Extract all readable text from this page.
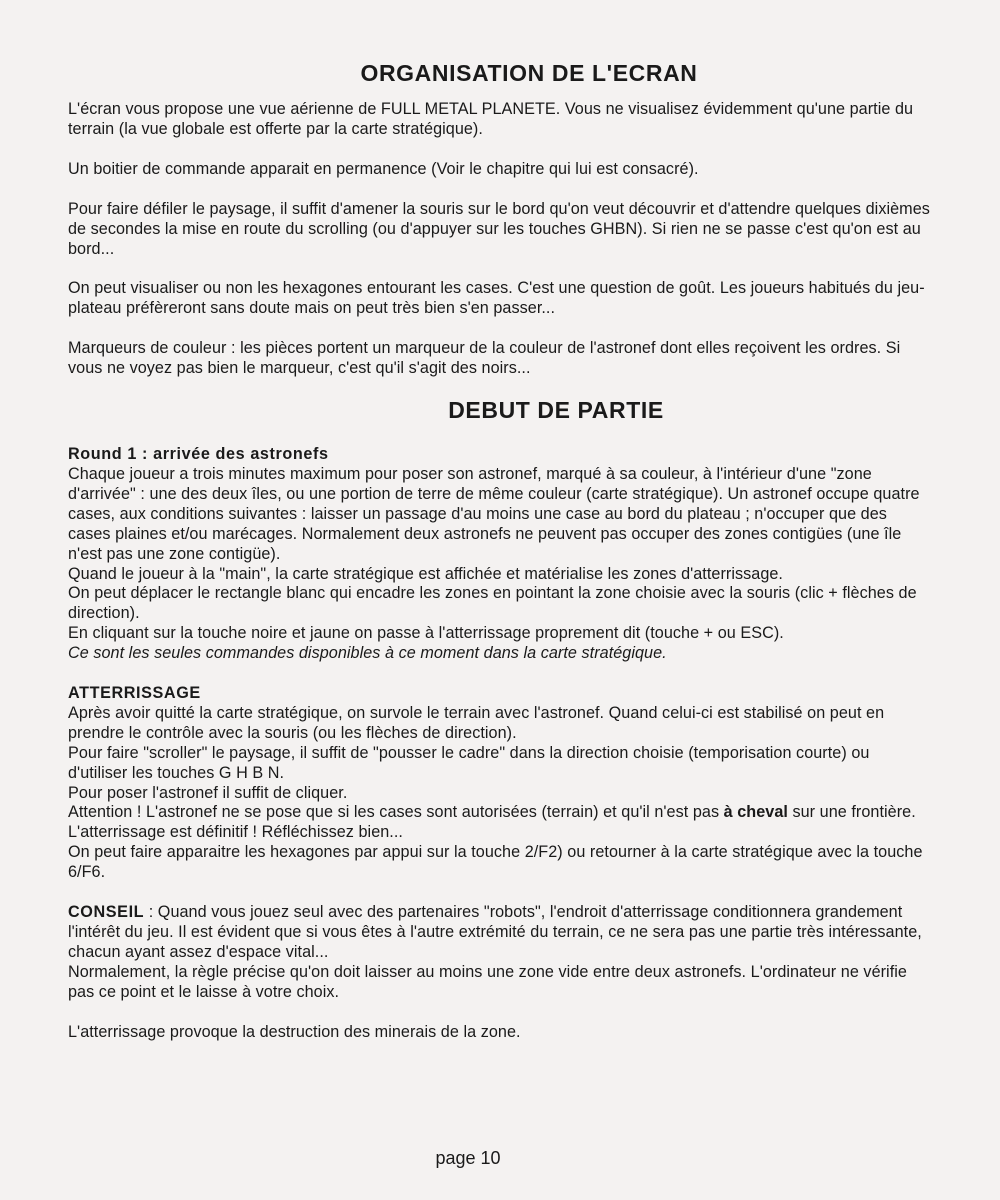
ORGANISATION DE L'ECRAN

L'écran vous propose une vue aérienne de FULL METAL PLANETE. Vous ne visualisez évidemment qu'une partie du terrain (la vue globale est offerte par la carte stratégique).

Un boitier de commande apparait en permanence (Voir le chapitre qui lui est consacré).

Pour faire défiler le paysage, il suffit d'amener la souris sur le bord qu'on veut découvrir et d'attendre quelques dixièmes de secondes la mise en route du scrolling (ou d'appuyer sur les touches GHBN). Si rien ne se passe c'est qu'on est au bord...

On peut visualiser ou non les hexagones entourant les cases. C'est une question de goût. Les joueurs habitués du jeu-plateau préfèreront sans doute mais on peut très bien s'en passer...

Marqueurs de couleur : les pièces portent un marqueur de la couleur de l'astronef dont elles reçoivent les ordres. Si vous ne voyez pas bien le marqueur, c'est qu'il s'agit des noirs...

DEBUT DE PARTIE
Round 1 : arrivée des astronefs
Chaque joueur a trois minutes maximum pour poser son astronef, marqué à sa couleur, à l'intérieur d'une "zone d'arrivée" : une des deux îles, ou une portion de terre de même couleur (carte stratégique). Un astronef occupe quatre cases, aux conditions suivantes : laisser un passage d'au moins une case au bord du plateau ; n'occuper que des cases plaines et/ou marécages. Normalement deux astronefs ne peuvent pas occuper des zones contigües (une île n'est pas une zone contigüe).
Quand le joueur à la "main", la carte stratégique est affichée et matérialise les zones d'atterrissage.
On peut déplacer le rectangle blanc qui encadre les zones en pointant la zone choisie avec la souris (clic + flèches de direction).
En cliquant sur la touche noire et jaune on passe à l'atterrissage proprement dit (touche + ou ESC).
Ce sont les seules commandes disponibles à ce moment dans la carte stratégique.
ATTERRISSAGE
Après avoir quitté la carte stratégique, on survole le terrain avec l'astronef. Quand celui-ci est stabilisé on peut en prendre le contrôle avec la souris (ou les flèches de direction).
Pour faire "scroller" le paysage, il suffit de "pousser le cadre" dans la direction choisie (temporisation courte) ou d'utiliser les touches G H B N.
Pour poser l'astronef il suffit de cliquer.
Attention ! L'astronef ne se pose que si les cases sont autorisées (terrain) et qu'il n'est pas à cheval sur une frontière. L'atterrissage est définitif ! Réfléchissez bien...
On peut faire apparaitre les hexagones par appui sur la touche 2/F2) ou retourner à la carte stratégique avec la touche 6/F6.
CONSEIL : Quand vous jouez seul avec des partenaires "robots", l'endroit d'atterrissage conditionnera grandement l'intérêt du jeu. Il est évident que si vous êtes à l'autre extrémité du terrain, ce ne sera pas une partie très intéressante, chacun ayant assez d'espace vital...
Normalement, la règle précise qu'on doit laisser au moins une zone vide entre deux astronefs. L'ordinateur ne vérifie pas ce point et le laisse à votre choix.

L'atterrissage provoque la destruction des minerais de la zone.

page 10
